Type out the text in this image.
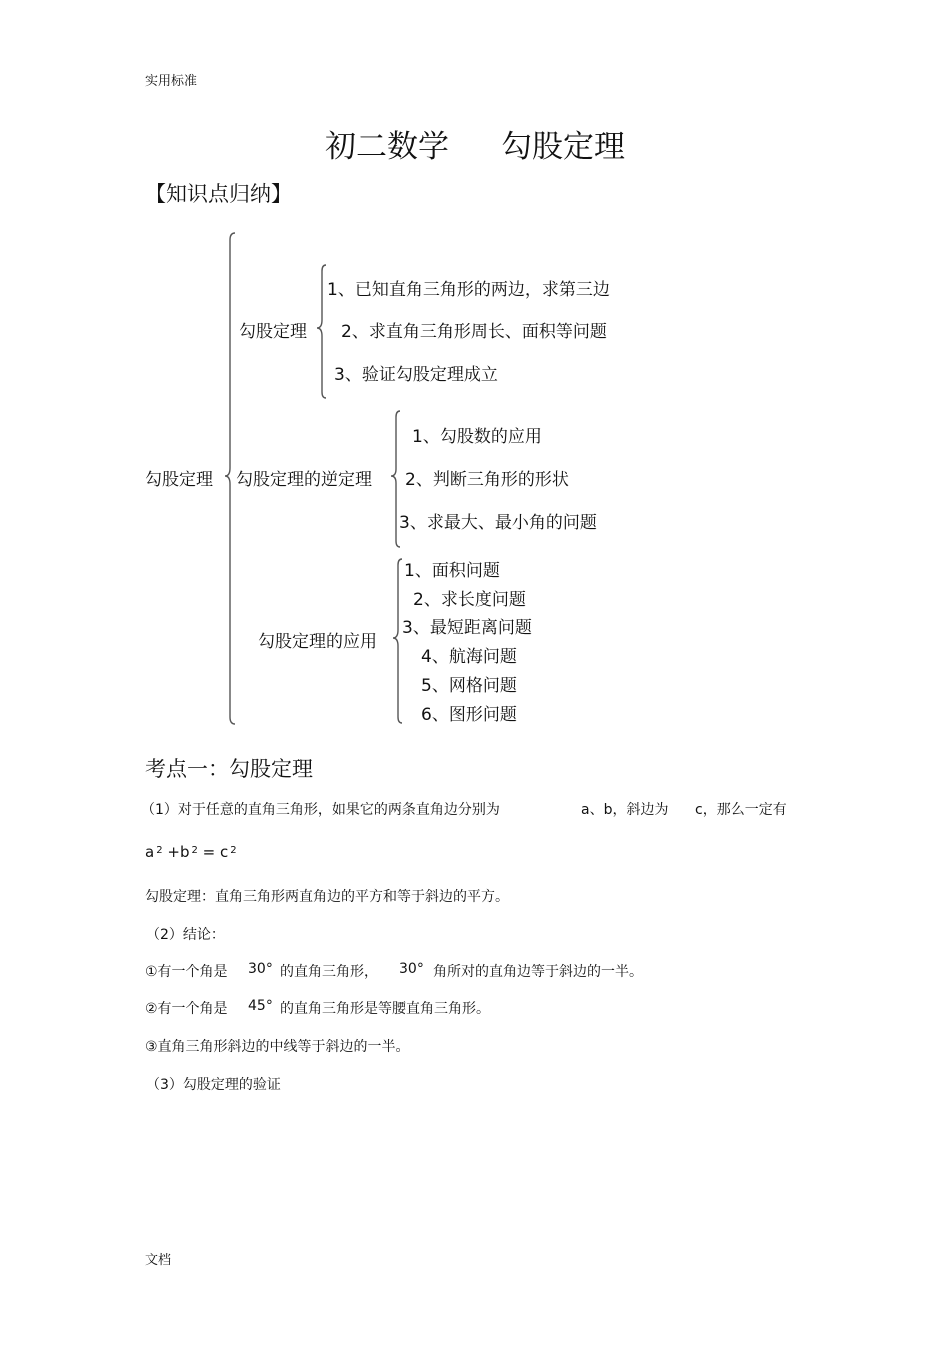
实用标准
初二数学 勾股定理
【知识点归纳】
勾股定理
勾股定理
1、已知直角三角形的两边，求第三边
2、求直角三角形周长、面积等问题
3、验证勾股定理成立
勾股定理的逆定理
1、勾股数的应用
2、判断三角形的形状
3、求最大、最小角的问题
勾股定理的应用
1、面积问题
2、求长度问题
3、最短距离问题
4、航海问题
5、网格问题
6、图形问题
考点一：勾股定理
（1）对于任意的直角三角形，如果它的两条直角边分别为	a、b，斜边为 c，那么一定有
a $^2$ +b $^2$ = c $^2$
勾股定理：直角三角形两直角边的平方和等于斜边的平方。
（2）结论：
①有一个角是 30° 的直角三角形， 30° 角所对的直角边等于斜边的一半。
②有一个角是 45° 的直角三角形是等腰直角三角形。
③直角三角形斜边的中线等于斜边的一半。
（3）勾股定理的验证
文档
